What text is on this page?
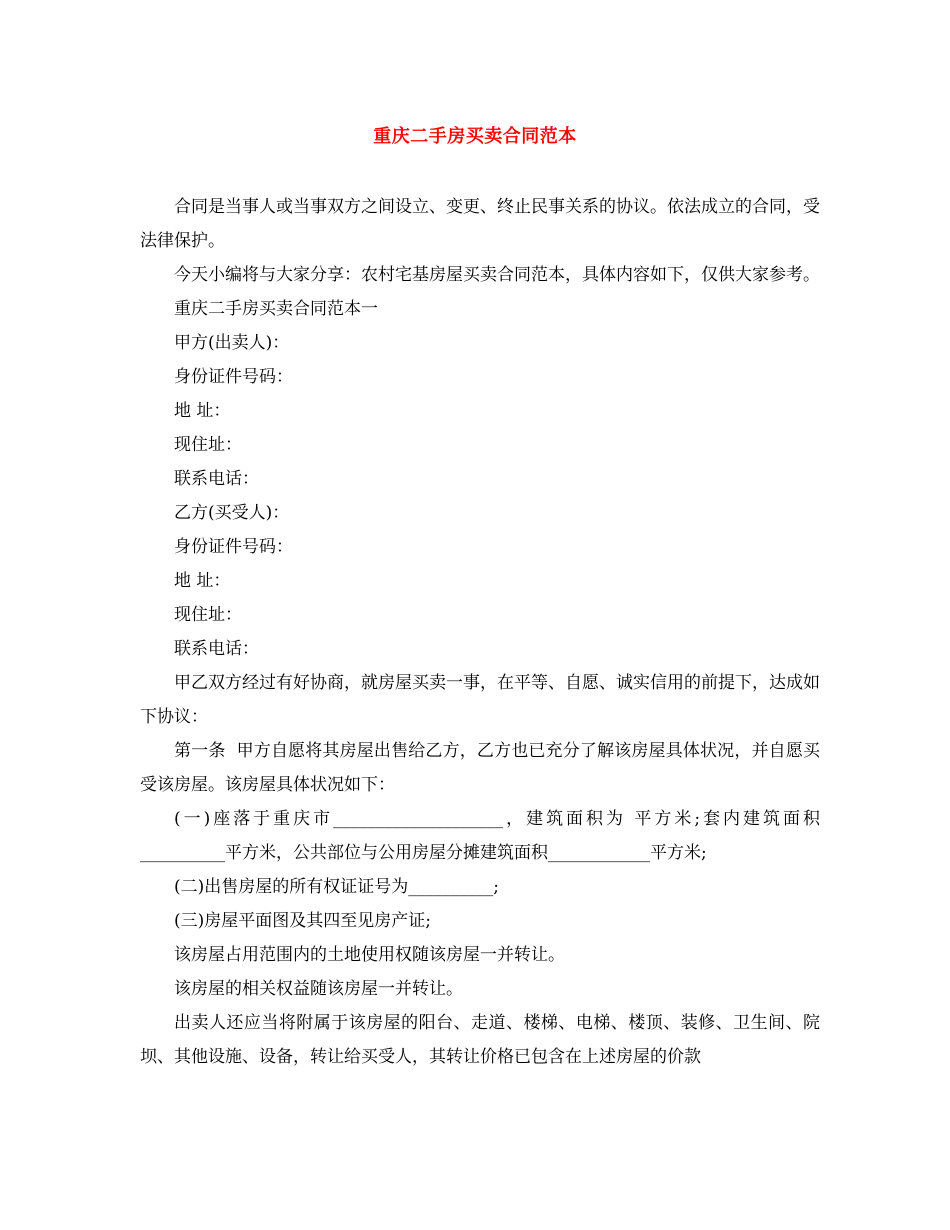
重庆二手房买卖合同范本

合同是当事人或当事双方之间设立、变更、终止民事关系的协议。依法成立的合同，受法律保护。

今天小编将与大家分享：农村宅基房屋买卖合同范本，具体内容如下，仅供大家参考。

重庆二手房买卖合同范本一

甲方(出卖人)：

身份证件号码：

地 址：

现住址：

联系电话：

乙方(买受人)：

身份证件号码：

地 址：

现住址：

联系电话：

甲乙双方经过有好协商，就房屋买卖一事，在平等、自愿、诚实信用的前提下，达成如下协议：

第一条  甲方自愿将其房屋出售给乙方，乙方也已充分了解该房屋具体状况，并自愿买受该房屋。该房屋具体状况如下：

(一)座落于重庆市____________________，建筑面积为 平方米;套内建筑面积__________平方米，公共部位与公用房屋分摊建筑面积____________平方米;

(二)出售房屋的所有权证证号为__________;

(三)房屋平面图及其四至见房产证;

该房屋占用范围内的土地使用权随该房屋一并转让。

该房屋的相关权益随该房屋一并转让。

出卖人还应当将附属于该房屋的阳台、走道、楼梯、电梯、楼顶、装修、卫生间、院坝、其他设施、设备，转让给买受人，其转让价格已包含在上述房屋的价款
